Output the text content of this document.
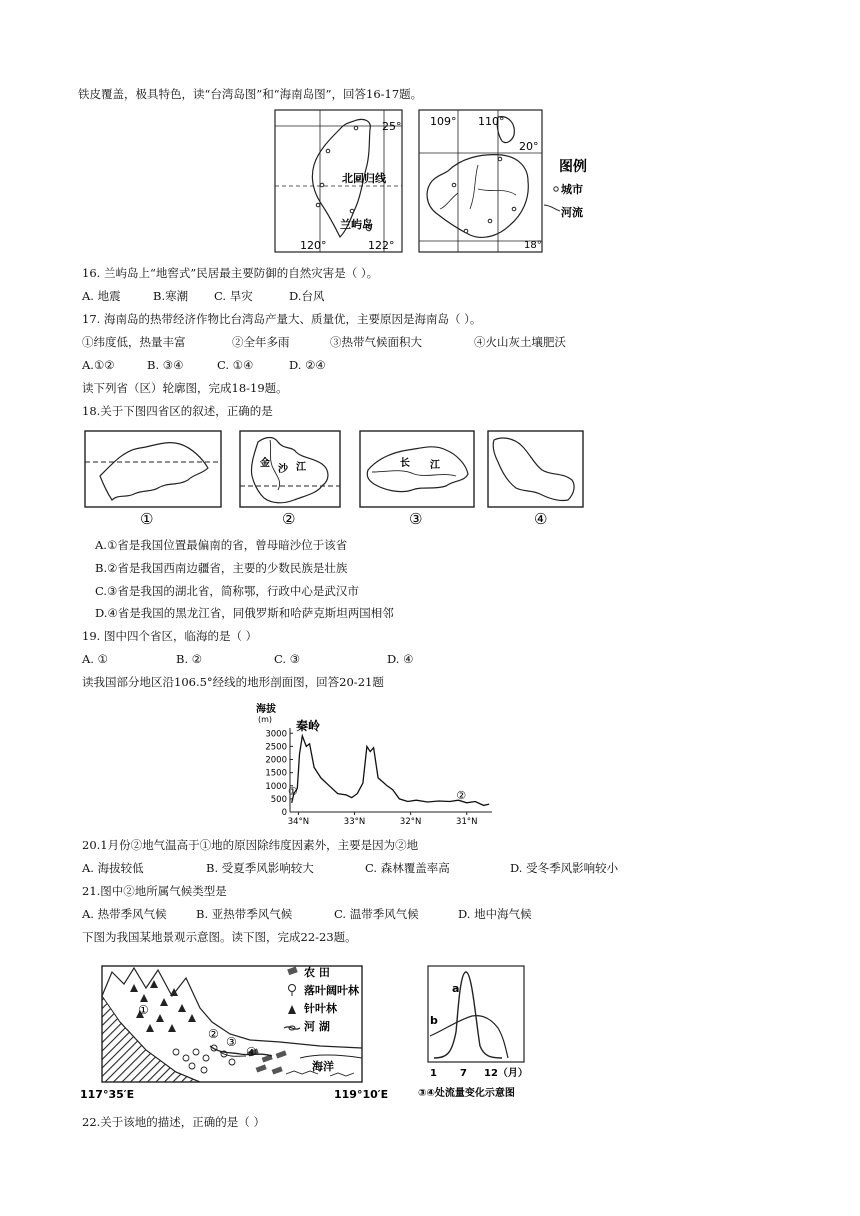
铁皮覆盖，极具特色，读“台湾岛图”和“海南岛图”，回答16-17题。
25°
北回归线
兰屿岛
120°	122°
109° 110°
20°
18°
图例
城市
河流
16. 兰屿岛上“地窖式”民居最主要防御的自然灾害是（ ）。
A. 地震	B.寒潮 C. 旱灾	D.台风
17. 海南岛的热带经济作物比台湾岛产量大、质量优，主要原因是海南岛（ ）。
①纬度低，热量丰富	②全年多雨	③热带气候面积大	④火山灰土壤肥沃
A.①②	B. ③④	C. ①④	D. ②④
读下列省（区）轮廓图，完成18-19题。
18.关于下图四省区的叙述，正确的是
金
沙 江	长 江
①	②	③	④
A.①省是我国位置最偏南的省，曾母暗沙位于该省
B.②省是我国西南边疆省，主要的少数民族是壮族
C.③省是我国的湖北省，简称鄂，行政中心是武汉市
D.④省是我国的黑龙江省，同俄罗斯和哈萨克斯坦两国相邻
19. 图中四个省区，临海的是（ ）
A. ①	B. ②	C. ③	D. ④
读我国部分地区沿106.5°经线的地形剖面图，回答20-21题
海拔
(m) 秦岭
3000
2500
2000
1500
1000
500
0
34°N	33°N	32°N	31°N
①	②
20.1月份②地气温高于①地的原因除纬度因素外，主要是因为②地
A. 海拔较低	B. 受夏季风影响较大	C. 森林覆盖率高	D. 受冬季风影响较小
21.图中②地所属气候类型是
A. 热带季风气候	B. 亚热带季风气候	C. 温带季风气候	D. 地中海气候
下图为我国某地景观示意图。读下图，完成22-23题。
海洋
①
②
③
④
农 田
落叶阔叶林
针叶林
河 湖
117°35′E	119°10′E
a
b
1 7 12（月）
③④处流量变化示意图
22.关于该地的描述，正确的是（ ）
